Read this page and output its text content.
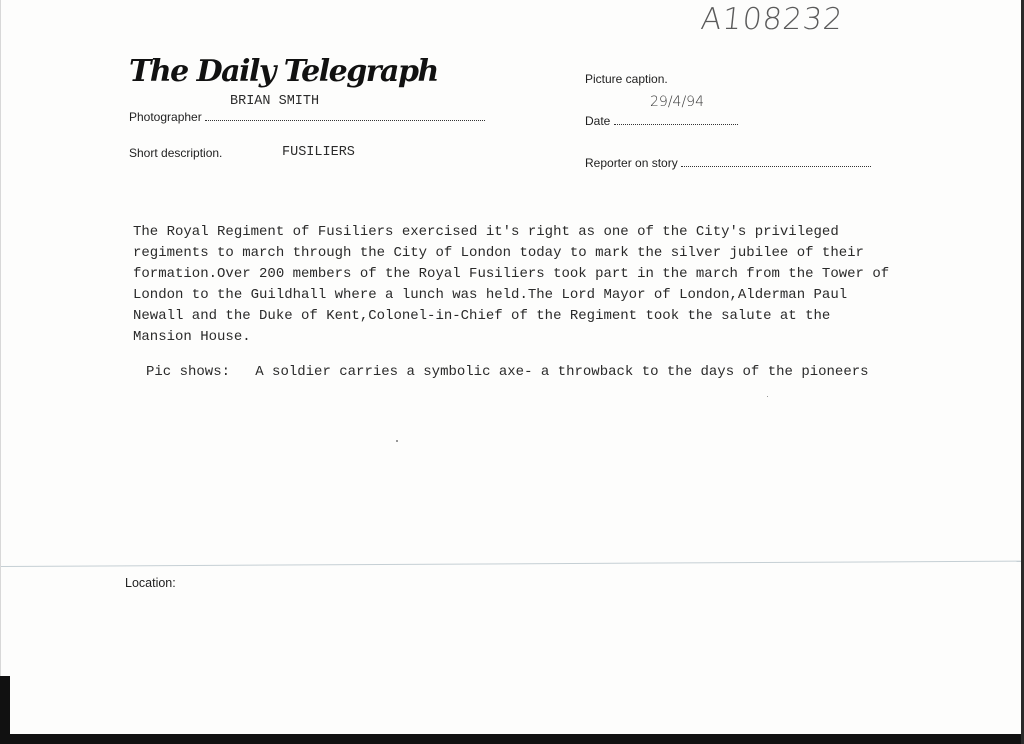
A108232
The Daily Telegraph
BRIAN SMITH
Photographer
Short description.	FUSILIERS
Picture caption.
29/4/94
Date
Reporter on story
The Royal Regiment of Fusiliers exercised it's right as one of the City's privileged
regiments to march through the City of London today to mark the silver jubilee of their
formation.Over 200 members of the Royal Fusiliers took part in the march from the Tower of
London to the Guildhall where a lunch was held.The Lord Mayor of London,Alderman Paul
Newall and the Duke of Kent,Colonel-in-Chief of the Regiment took the salute at the
Mansion House.
Pic shows: A soldier carries a symbolic axe- a throwback to the days of the pioneers
Location:
